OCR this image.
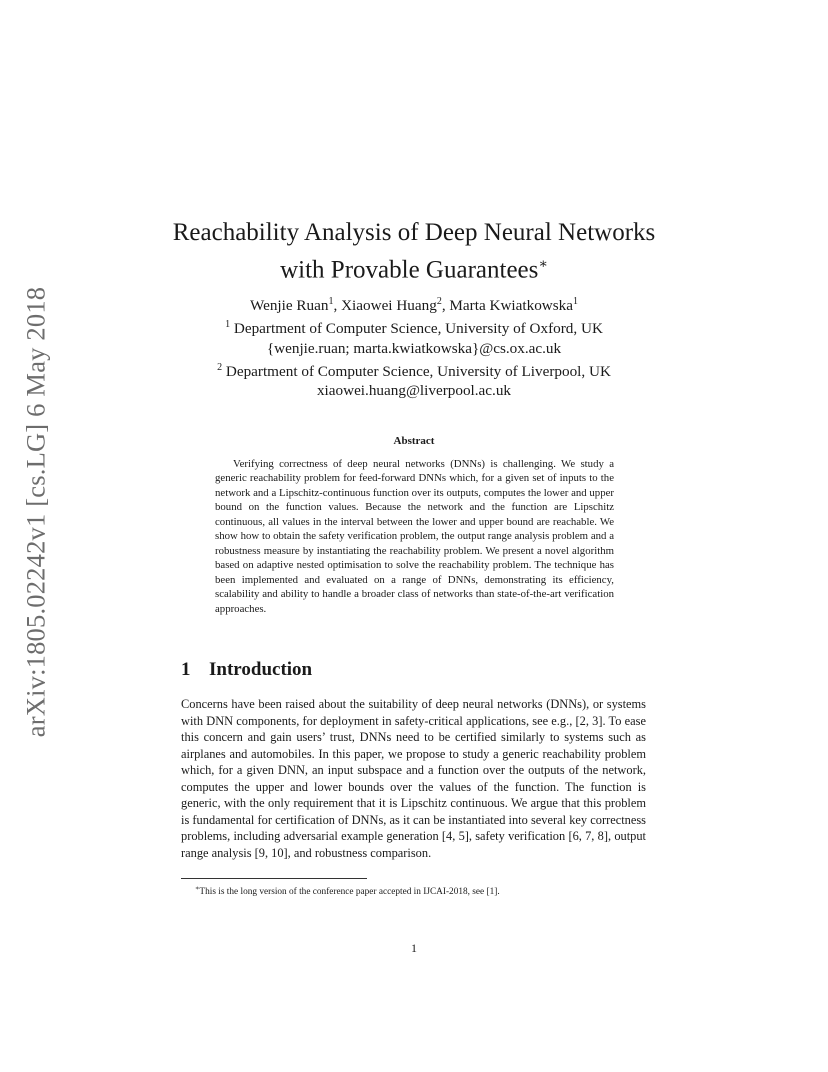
arXiv:1805.02242v1 [cs.LG] 6 May 2018
Reachability Analysis of Deep Neural Networks
with Provable Guarantees∗
Wenjie Ruan$^1$, Xiaowei Huang$^2$, Marta Kwiatkowska$^1$
$^1$ Department of Computer Science, University of Oxford, UK
{wenjie.ruan; marta.kwiatkowska}@cs.ox.ac.uk
$^2$ Department of Computer Science, University of Liverpool, UK
xiaowei.huang@liverpool.ac.uk
Abstract

Verifying correctness of deep neural networks (DNNs) is challenging. We study a generic reachability problem for feed-forward DNNs which, for a given set of inputs to the network and a Lipschitz-continuous function over its outputs, computes the lower and upper bound on the function values. Because the network and the function are Lipschitz continuous, all values in the interval between the lower and upper bound are reachable. We show how to obtain the safety verification problem, the output range analysis problem and a robustness measure by instantiating the reachability problem. We present a novel algorithm based on adaptive nested optimisation to solve the reachability problem. The technique has been implemented and evaluated on a range of DNNs, demonstrating its efficiency, scalability and ability to handle a broader class of networks than state-of-the-art verification approaches.

1 Introduction

Concerns have been raised about the suitability of deep neural networks (DNNs), or systems with DNN components, for deployment in safety-critical applications, see e.g., [2, 3]. To ease this concern and gain users’ trust, DNNs need to be certified similarly to systems such as airplanes and automobiles. In this paper, we propose to study a generic reachability problem which, for a given DNN, an input subspace and a function over the outputs of the network, computes the upper and lower bounds over the values of the function. The function is generic, with the only requirement that it is Lipschitz continuous. We argue that this problem is fundamental for certification of DNNs, as it can be instantiated into several key correctness problems, including adversarial example generation [4, 5], safety verification [6, 7, 8], output range analysis [9, 10], and robustness comparison.

∗This is the long version of the conference paper accepted in IJCAI-2018, see [1].
1
